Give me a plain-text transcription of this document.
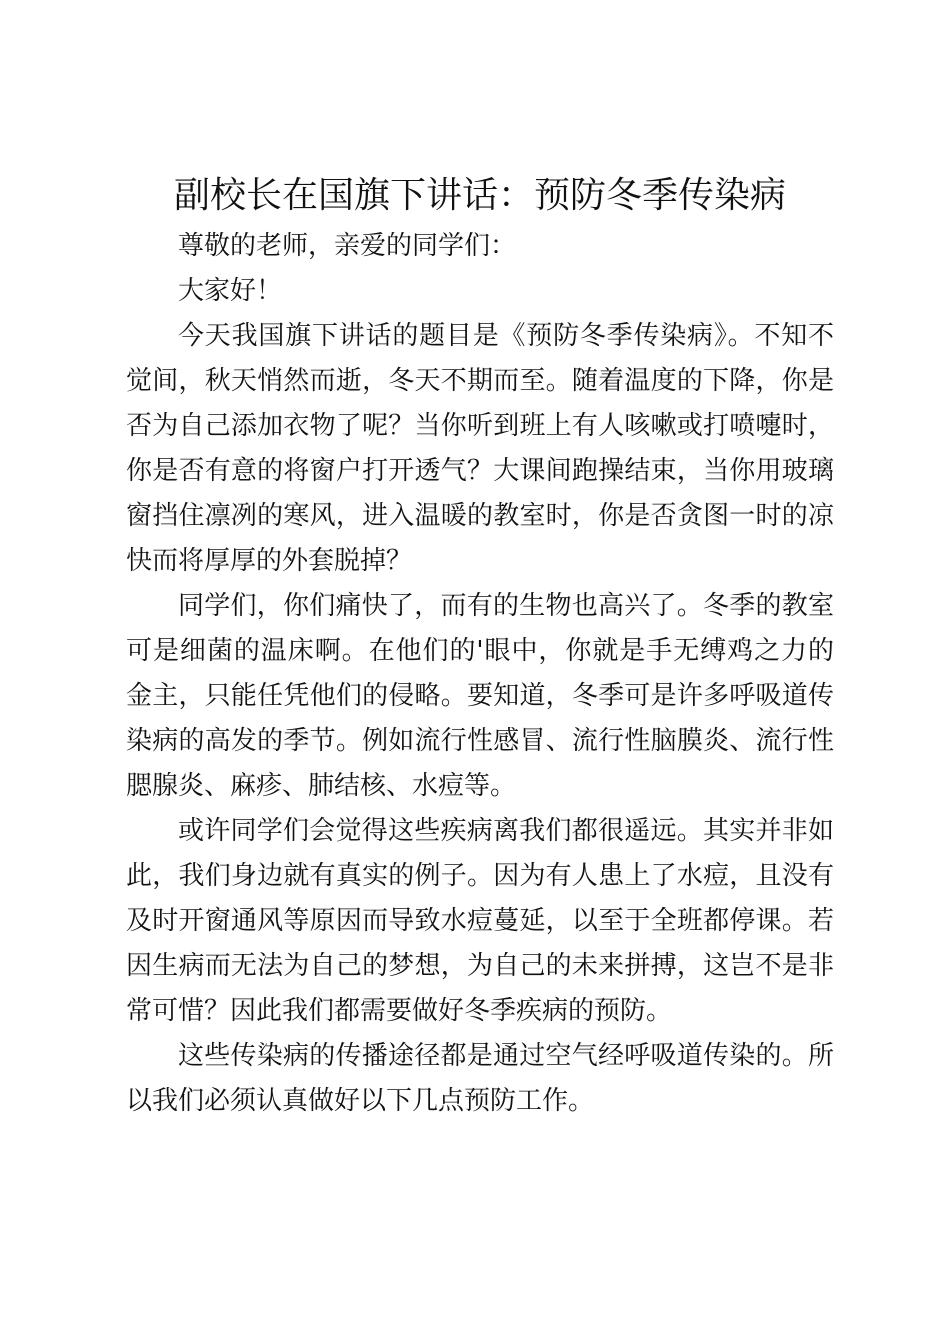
副校长在国旗下讲话：预防冬季传染病

尊敬的老师，亲爱的同学们：

大家好！

今天我国旗下讲话的题目是《预防冬季传染病》。不知不觉间，秋天悄然而逝，冬天不期而至。随着温度的下降，你是否为自己添加衣物了呢？当你听到班上有人咳嗽或打喷嚏时，你是否有意的将窗户打开透气？大课间跑操结束，当你用玻璃窗挡住凛冽的寒风，进入温暖的教室时，你是否贪图一时的凉快而将厚厚的外套脱掉？

同学们，你们痛快了，而有的生物也高兴了。冬季的教室可是细菌的温床啊。在他们的'眼中，你就是手无缚鸡之力的金主，只能任凭他们的侵略。要知道，冬季可是许多呼吸道传染病的高发的季节。例如流行性感冒、流行性脑膜炎、流行性腮腺炎、麻疹、肺结核、水痘等。

或许同学们会觉得这些疾病离我们都很遥远。其实并非如此，我们身边就有真实的例子。因为有人患上了水痘，且没有及时开窗通风等原因而导致水痘蔓延，以至于全班都停课。若因生病而无法为自己的梦想，为自己的未来拼搏，这岂不是非常可惜？因此我们都需要做好冬季疾病的预防。

这些传染病的传播途径都是通过空气经呼吸道传染的。所以我们必须认真做好以下几点预防工作。
